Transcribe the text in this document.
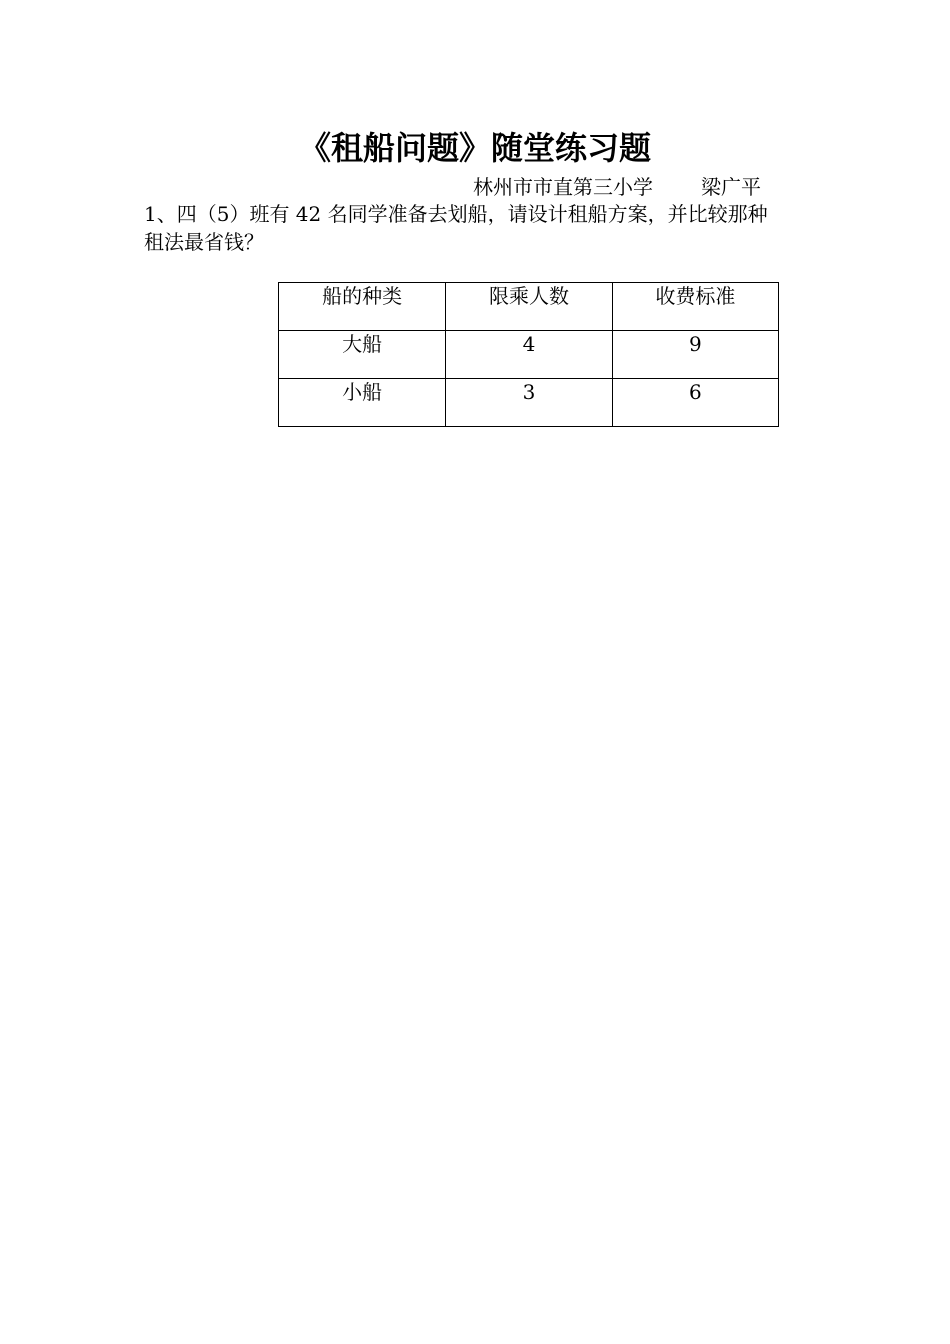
《租船问题》随堂练习题
林州市市直第三小学 梁广平

1、四（5）班有 42 名同学准备去划船，请设计租船方案，并比较那种
租法最省钱？

船的种类	限乘人数	收费标准
大船	4	9
小船	3	6
